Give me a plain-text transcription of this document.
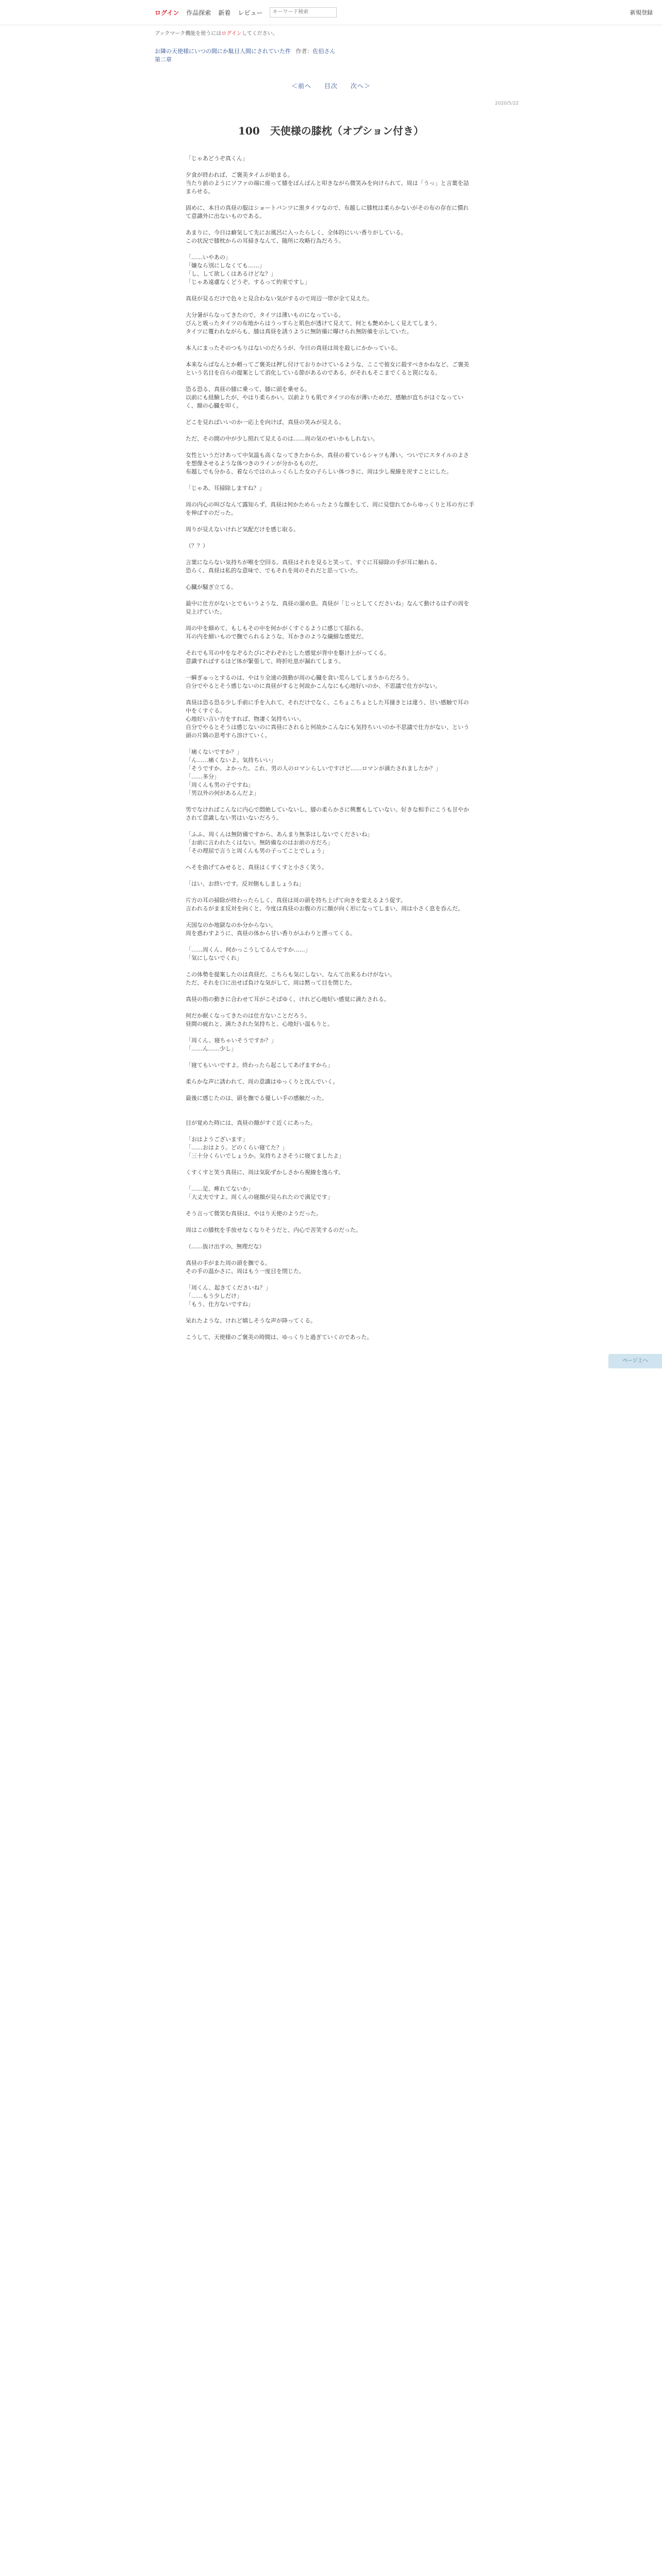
ログイン 作品探索 新着 レビュー
キーワード検索	新規登録
ブックマーク機能を使うにはログインしてください。
お隣の天使様にいつの間にか駄目人間にされていた件 作者：佐伯さん
第二章
＜前へ 目次 次へ＞
2020/5/22
100　天使様の膝枕（オプション付き）

「じゃあどうぞ真くん」

夕食が終われば、ご褒美タイムが始まる。

当たり前のようにソファの端に座って膝をぽんぽんと叩きながら微笑みを向けられて、周は「うっ」と言葉を詰まらせる。

固めに、本日の真昼の服はショートパンツに黒タイツなので、布越しに膝枕は柔らかないがその布の存在に慣れて意識外に出ないものである。

あまりに、今日は癖気して先にお風呂に入ったらしく、全体的にいい香りがしている。

この状況で膝枕からの耳掃きなんて、随所に攻略行為だろう。

「……いやあの」

「嫌なら別にしなくても……」

「し、して欲しくはあるけどな？」

「じゃあ遠慮なくどうぞ、するって約束ですし」

真昼が見るだけで色々と見合わない気がするので周辺一帯が全て見えた。

大分暑がらなってきたので、タイツは薄いものになっている。

びんと吸ったタイツの布地からはうっすらと肌色が透けて見えて、何とも艶めかしく見えてしまう。

タイツに覆われながらも、膝は真昼を誘うように無防備に曝けられ無防備を示していた。

本人にまったそのつもりはないのだろうが、今日の真昼は周を殺しにかかっている。

本来ならばなんとか頼ってご褒美は押し付けておりかけているような、ここで彼女に殺すべきかねなど、ご褒美という名目を自らの提案として消化している節があるのである、がそれもそこまでくると罠になる。

恐る恐る、真昼の膝に乗って、膝に頭を乗せる。

以前にも経験したが、やはり柔らかい。以前よりも肌でタイツの布が薄いためだ、感触が直ちがほぐなっていく、顔の心臓を叩く。

どこを見ればいいのか一応上を向けば、真昼の笑みが見える。

ただ、その間の中が少し照れて見えるのは……周の気のせいかもしれない。

女性というだけあって中気温も高くなってきたからか、真昼の着ているシャツも薄い。ついでにスタイルのよさを想像させるような体つきのラインが分かるものだ。

布越しでも分かる、着ならではのふっくらした女の子らしい体つきに、周は少し視線を戻すことにした。

「じゃあ、耳掃除しますね？」

周の内心の叫びなんて露知らず、真昼は何かためらったような顔をして、周に見惚れてからゆっくりと耳の方に手を伸ばすのだった。

周りが見えないけれど気配だけを感じ取る。

（？？）

言葉にならない気持ちが喉を空回る。真昼はそれを見ると笑って、すぐに耳掃除の手が耳に触れる。

恐らく、真昼は私的な意味で、でもそれを周のそれだと思っていた。

心臓が騒ぎ立てる。

最中に仕方がないとでもいうような、真昼の溜め息。真昼が「じっとしてくださいね」なんて動けるはずの周を見上げていた。

周の中を細めて、もしもその中を何かがくすぐるように感じて揺れる。

耳の内を細いもので撫でられるような、耳かきのような繊細な感覚だ。

それでも耳の中をなぞるたびにぞわぞわとした感覚が背中を駆け上がってくる。

意識すればするほど体が緊張して、時折吐息が漏れてしまう。

一瞬ぎゅっとするのは、やはり全速の鼓動が周の心臓を食い荒らしてしまうからだろう。

自分でやるとそう感じないのに真昼がすると何故かこんなにも心地好いのか、不思議で仕方がない。

真昼は恐る恐る少し手前に手を入れて、それだけでなく、こちょこちょとした耳掻きとは違う、甘い感触で耳の中をくすぐる。

心地好い言い方をすれば、物凄く気持ちいい。

自分でやるとそうは感じないのに真昼にされると何故かこんなにも気持ちいいのか不思議で仕方がない、という頭の片隅の思考すら溶けていく。

「痛くないですか？」

「ん……痛くないよ。気持ちいい」

「そうですか、よかった。これ、男の人のロマンらしいですけど……ロマンが満たされましたか？」

「……多分」

「周くんも男の子ですね」

「男以外の何があるんだよ」

男でなければこんなに内心で悶絶していないし、膝の柔らかさに興奮もしていない。好きな相手にこうも甘やかされて意識しない男はいないだろう。

「ふふ、周くんは無防備ですから、あんまり無茶はしないでくださいね」

「お前に言われたくはない。無防備なのはお前の方だろ」

「その理屈で言うと周くんも男の子ってことでしょう」

へそを曲げてみせると、真昼はくすくすと小さく笑う。

「はい、お終いです。反対側もしましょうね」

片方の耳の掃除が終わったらしく、真昼は周の頭を持ち上げて向きを変えるよう促す。

言われるがまま反対を向くと、今度は真昼のお腹の方に顔が向く形になってしまい、周は小さく息を呑んだ。

天国なのか地獄なのか分からない。

周を惑わすように、真昼の体から甘い香りがふわりと漂ってくる。

「……周くん、何かっこうしてるんですか……」

「気にしないでくれ」

この体勢を提案したのは真昼だ。こちらも気にしない、なんて出来るわけがない。

ただ、それを口に出せば負けな気がして、周は黙って目を閉じた。

真昼の指の動きに合わせて耳がこそばゆく、けれど心地好い感覚に満たされる。

何だか眠くなってきたのは仕方ないことだろう。

昼間の疲れと、満たされた気持ちと、心地好い温もりと。

「周くん、寝ちゃいそうですか？」

「……ん……少し」

「寝てもいいですよ。終わったら起こしてあげますから」

柔らかな声に誘われて、周の意識はゆっくりと沈んでいく。

最後に感じたのは、頭を撫でる優しい手の感触だった。

目が覚めた時には、真昼の顔がすぐ近くにあった。

「おはようございます」

「……おはよう。どのくらい寝てた？」

「三十分くらいでしょうか。気持ちよさそうに寝てましたよ」

くすくすと笑う真昼に、周は気恥ずかしさから視線を逸らす。

「……足、痺れてないか」

「大丈夫ですよ。周くんの寝顔が見られたので満足です」

そう言って微笑む真昼は、やはり天使のようだった。

周はこの膝枕を手放せなくなりそうだと、内心で苦笑するのだった。

（……抜け出すの、無理だな）

真昼の手がまた周の頭を撫でる。

その手の温かさに、周はもう一度目を閉じた。

「周くん、起きてくださいね？」

「……もう少しだけ」

「もう、仕方ないですね」

呆れたような、けれど嬉しそうな声が降ってくる。

こうして、天使様のご褒美の時間は、ゆっくりと過ぎていくのであった。

ページ上へ
